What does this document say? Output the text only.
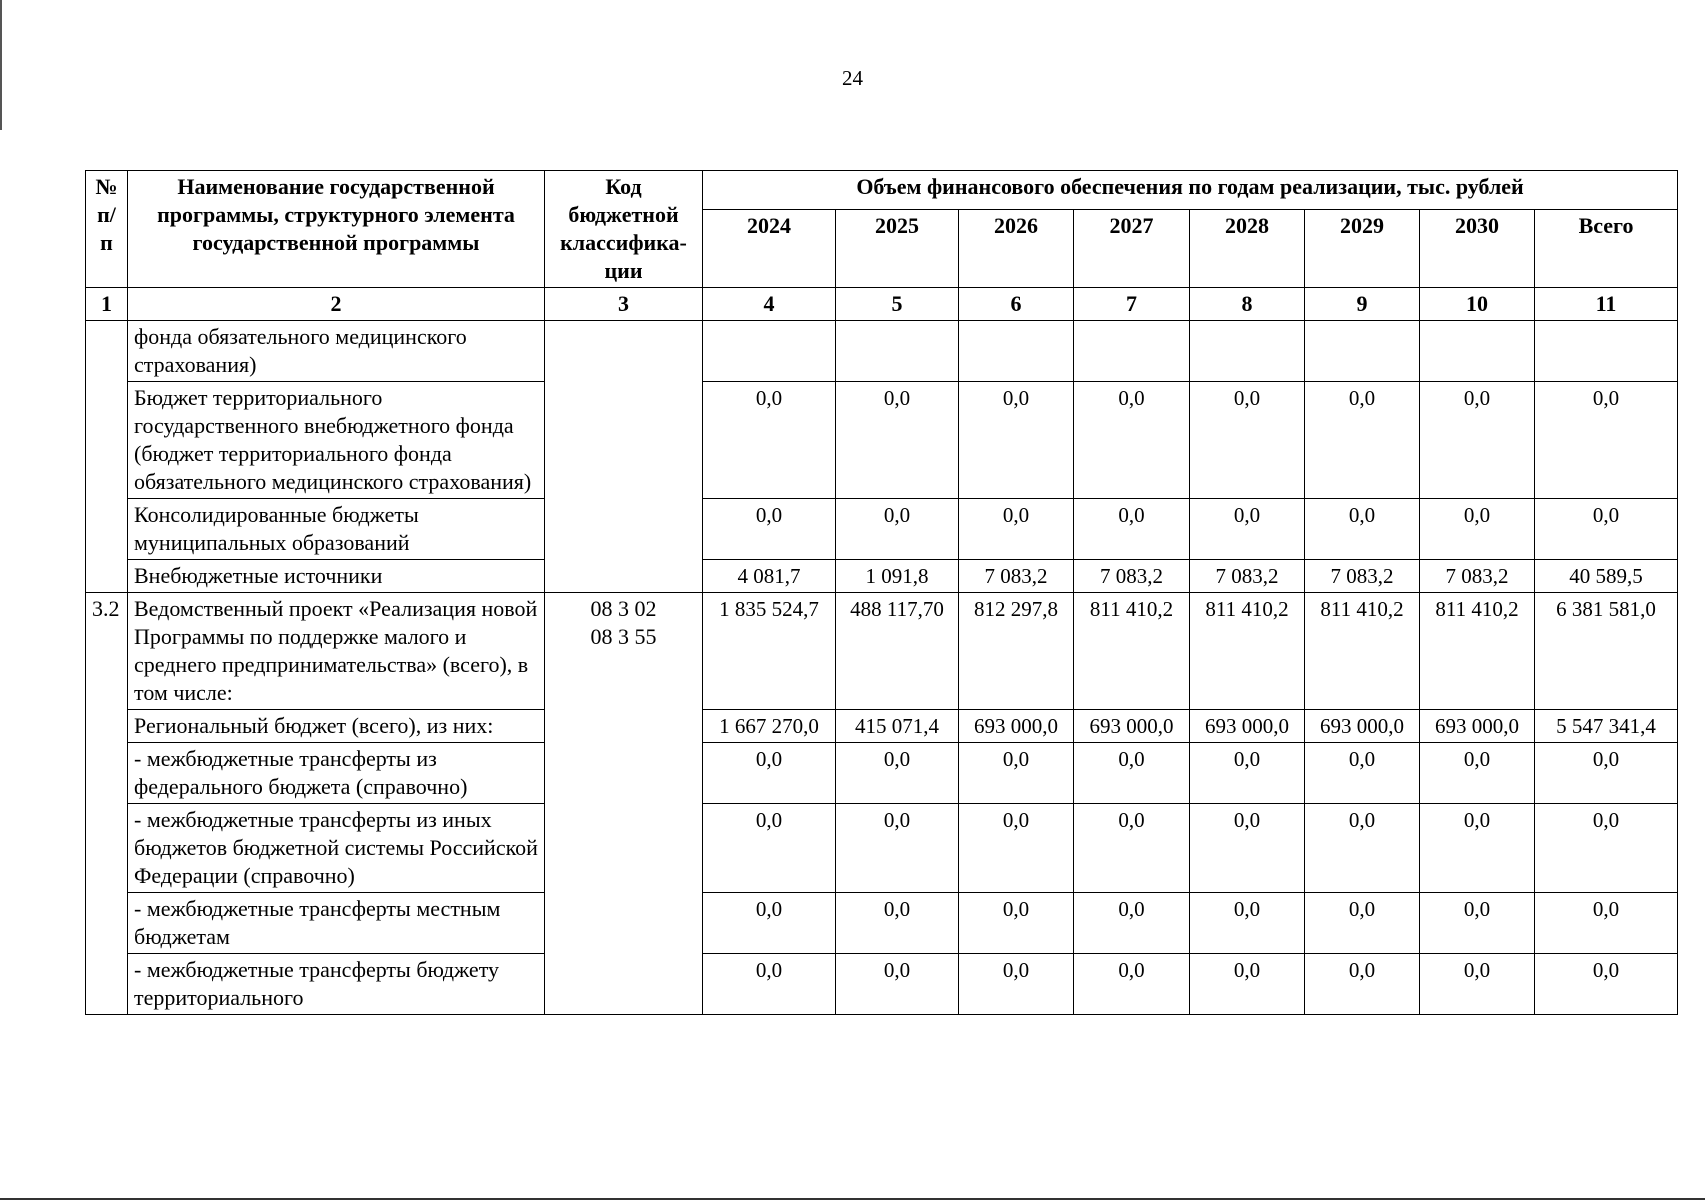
24
№ п/п	Наименование государственной программы, структурного элемента государственной программы	Код бюджетной классифика-ции	Объем финансового обеспечения по годам реализации, тыс. рублей							
			2024	2025	2026	2027	2028	2029	2030	Всего
1	2	3	4	5	6	7	8	9	10	11
	фонда обязательного медицинского страхования)									
	Бюджет территориального государственного внебюджетного фонда (бюджет территориального фонда обязательного медицинского страхования)		0,0	0,0	0,0	0,0	0,0	0,0	0,0	0,0
	Консолидированные бюджеты муниципальных образований		0,0	0,0	0,0	0,0	0,0	0,0	0,0	0,0
	Внебюджетные источники		4 081,7	1 091,8	7 083,2	7 083,2	7 083,2	7 083,2	7 083,2	40 589,5
3.2	Ведомственный проект «Реализация новой Программы по поддержке малого и среднего предпринимательства» (всего), в том числе:	08 3 02 08 3 55	1 835 524,7	488 117,70	812 297,8	811 410,2	811 410,2	811 410,2	811 410,2	6 381 581,0
	Региональный бюджет (всего), из них:		1 667 270,0	415 071,4	693 000,0	693 000,0	693 000,0	693 000,0	693 000,0	5 547 341,4
	- межбюджетные трансферты из федерального бюджета (справочно)		0,0	0,0	0,0	0,0	0,0	0,0	0,0	0,0
	- межбюджетные трансферты из иных бюджетов бюджетной системы Российской Федерации (справочно)		0,0	0,0	0,0	0,0	0,0	0,0	0,0	0,0
	- межбюджетные трансферты местным бюджетам		0,0	0,0	0,0	0,0	0,0	0,0	0,0	0,0
	- межбюджетные трансферты бюджету территориального		0,0	0,0	0,0	0,0	0,0	0,0	0,0	0,0
